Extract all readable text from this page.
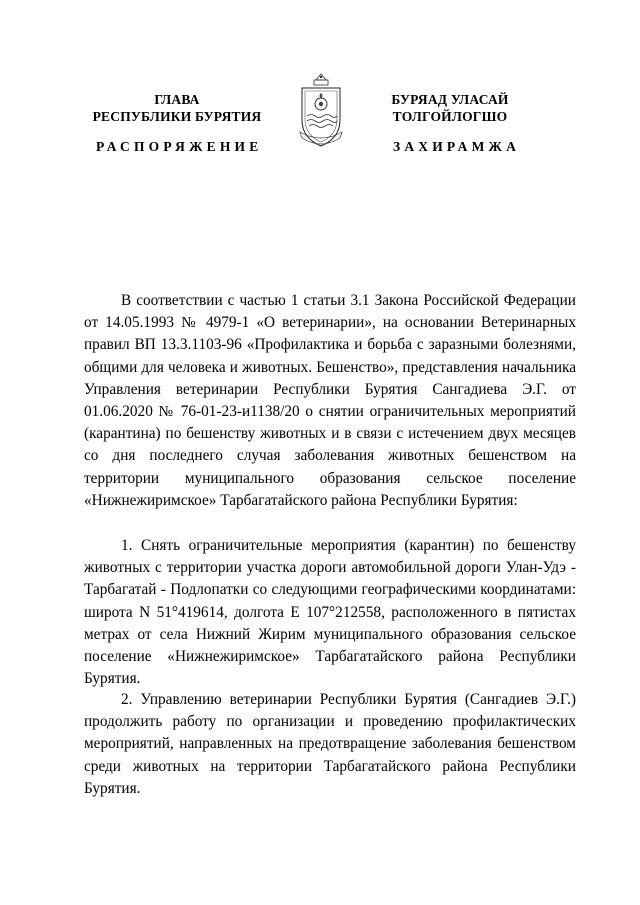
ГЛАВА
РЕСПУБЛИКИ БУРЯТИЯ
РАСПОРЯЖЕНИЕ
БУРЯАД УЛАСАЙ
ТОЛГОЙЛОГШО
ЗАХИРАМЖА

В соответствии с частью 1 статьи 3.1 Закона Российской Федерации от 14.05.1993 № 4979-1 «О ветеринарии», на основании Ветеринарных правил ВП 13.3.1103-96 «Профилактика и борьба с заразными болезнями, общими для человека и животных. Бешенство», представления начальника Управления ветеринарии Республики Бурятия Сангадиева Э.Г. от 01.06.2020 № 76-01-23-и1138/20 о снятии ограничительных мероприятий (карантина) по бешенству животных и в связи с истечением двух месяцев со дня последнего случая заболевания животных бешенством на территории муниципального образования сельское поселение «Нижнежиримское» Тарбагатайского района Республики Бурятия:

1. Снять ограничительные мероприятия (карантин) по бешенству животных с территории участка дороги автомобильной дороги Улан-Удэ - Тарбагатай - Подлопатки со следующими географическими координатами: широта N 51°419614, долгота E 107°212558, расположенного в пятистах метрах от села Нижний Жирим муниципального образования сельское поселение «Нижнежиримское» Тарбагатайского района Республики Бурятия.

2. Управлению ветеринарии Республики Бурятия (Сангадиев Э.Г.) продолжить работу по организации и проведению профилактических мероприятий, направленных на предотвращение заболевания бешенством среди животных на территории Тарбагатайского района Республики Бурятия.
